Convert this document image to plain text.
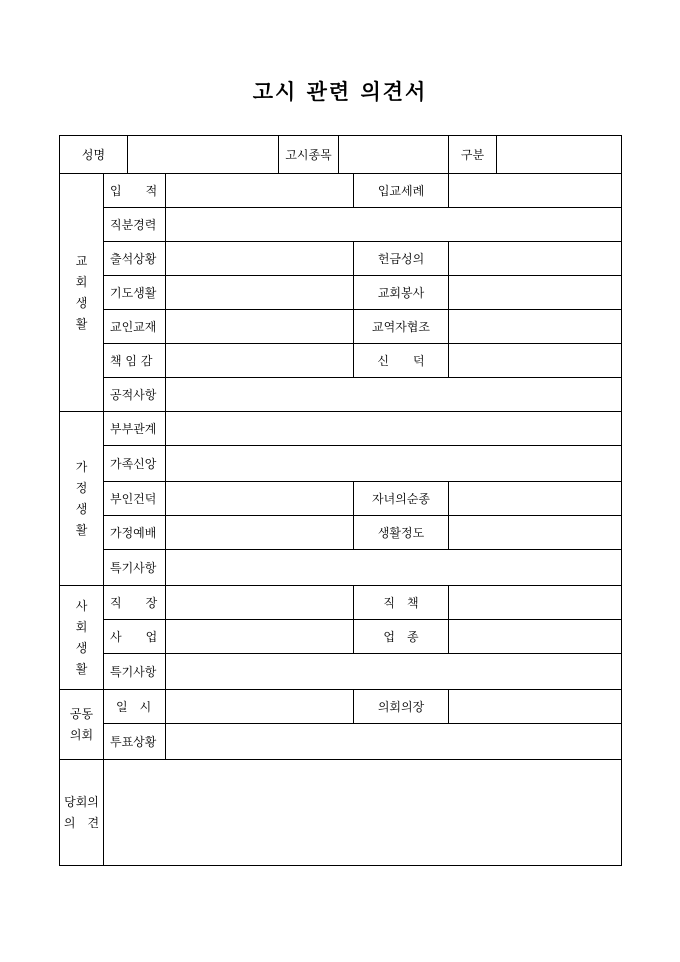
고시 관련 의견서
성명				고시종목			구분	
교
회
생
활	입　　적					입교세례		
	직분경력							
	출석상황					헌금성의		
	기도생활					교회봉사		
	교인교재					교역자협조		
	책 임 감					신　　덕		
	공적사항							
가
정
생
활	부부관계							
	가족신앙							
	부인건덕					자녀의순종		
	가정예배					생활정도		
	특기사항							
사
회
생
활	직　　장					직　책		
	사　　업					업　종		
	특기사항							
공동
의회	일　시					의회의장		
	투표상황							
당회의
의　견								
